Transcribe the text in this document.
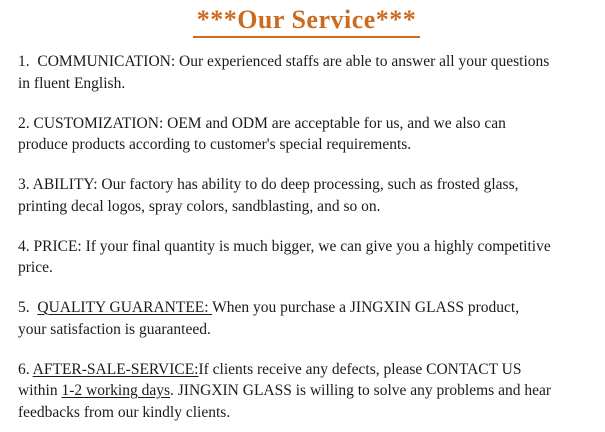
***Our Service***

1.  COMMUNICATION: Our experienced staffs are able to answer all your questions
in fluent English.

2. CUSTOMIZATION: OEM and ODM are acceptable for us, and we also can
produce products according to customer's special requirements.

3. ABILITY: Our factory has ability to do deep processing, such as frosted glass,
printing decal logos, spray colors, sandblasting, and so on.

4. PRICE: If your final quantity is much bigger, we can give you a highly competitive
price.

5.  QUALITY GUARANTEE: When you purchase a JINGXIN GLASS product,
your satisfaction is guaranteed.

6. AFTER-SALE-SERVICE:If clients receive any defects, please CONTACT US
within 1-2 working days. JINGXIN GLASS is willing to solve any problems and hear
feedbacks from our kindly clients.
